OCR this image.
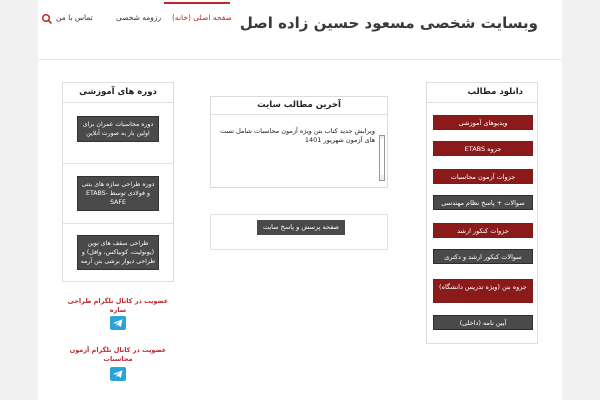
وبسایت شخصی مسعود حسین زاده اصل
تماس با من	رزومه شخصی صفحه اصلی (خانه)
دانلود مطالب
ویدیوهای آموزشی
جزوه ETABS
جزوات آزمون محاسبات
سوالات + پاسخ نظام مهندسی
جزوات کنکور ارشد
سوالات کنکور ارشد و دکتری
جزوه بتن (ویژه تدریس دانشگاه)
آیین نامه (داخلی)
آخرین مطالب سایت
ویرایش جدید کتاب بتن ویژه آزمون محاسبات شامل تست های آزمون شهریور 1401
صفحه پرسش و پاسخ سایت
دوره های آموزشی
دوره محاسبات عمران برای اولین بار به صورت آنلاین
دوره طراحی سازه های بتنی و فولادی توسط ETABS-SAFE
طراحی سقف های نوین (یونولیت، کوبیاکس، وافل) و طراحی دیوار برشی بتن آرمه
عضویت در کانال تلگرام طراحی سازه
عضویت در کانال تلگرام آزمون محاسبات
